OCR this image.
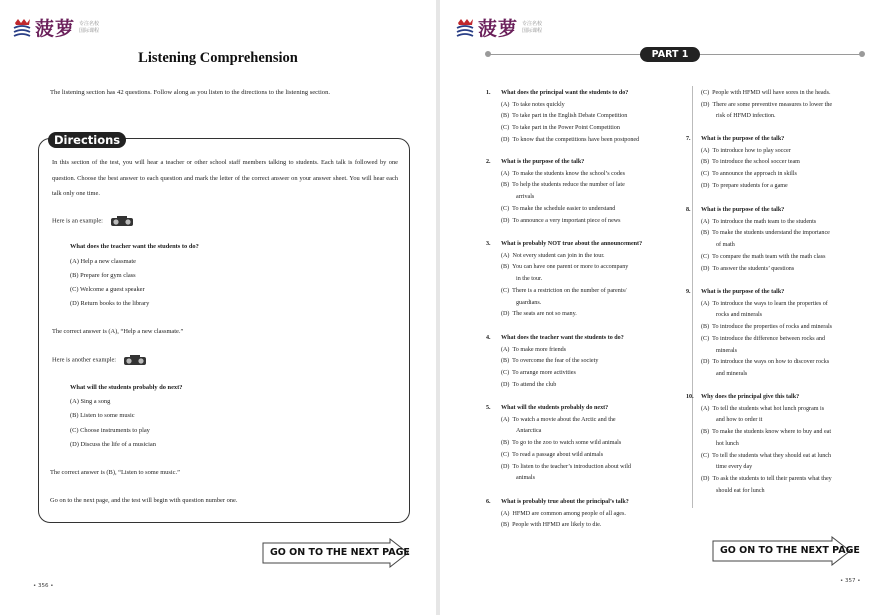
菠萝 专注名校
国际课程
Listening Comprehension
The listening section has 42 questions. Follow along as you listen to the directions to the listening section.
Directions
In this section of the test, you will hear a teacher or other school staff members talking to students. Each talk is followed by one question. Choose the best answer to each question and mark the letter of the correct answer on your answer sheet. You will hear each talk only one time.
Here is an example:
What does the teacher want the students to do?
(A) Help a new classmate
(B) Prepare for gym class
(C) Welcome a guest speaker
(D) Return books to the library
The correct answer is (A), “Help a new classmate.”
Here is another example:
What will the students probably do next?
(A) Sing a song
(B) Listen to some music
(C) Choose instruments to play
(D) Discuss the life of a musician
The correct answer is (B), “Listen to some music.”
Go on to the next page, and the test will begin with question number one.
GO ON TO THE NEXT PAGE
• 356 •
菠萝 专注名校
国际课程
PART 1
1. What does the principal want the students to do?
(A)  To take notes quickly
(B)  To take part in the English Debate Competition
(C)  To take part in the Power Point Competition
(D)  To know that the competitions have been postponed
2. What is the purpose of the talk?
(A)  To make the students know the school’s codes
(B)  To help the students reduce the number of late
arrivals
(C)  To make the schedule easier to understand
(D)  To announce a very important piece of news
3. What is probably NOT true about the announcement?
(A)  Not every student can join in the tour.
(B)  You can have one parent or more to accompany
in the tour.
(C)  There is a restriction on the number of parents/
guardians.
(D)  The seats are not so many.
4. What does the teacher want the students to do?
(A)  To make more friends
(B)  To overcome the fear of the society
(C)  To arrange more activities
(D)  To attend the club
5. What will the students probably do next?
(A)  To watch a movie about the Arctic and the
Antarctica
(B)  To go to the zoo to watch some wild animals
(C)  To read a passage about wild animals
(D)  To listen to the teacher’s introduction about wild
animals
6. What is probably true about the principal’s talk?
(A)  HFMD are common among people of all ages.
(B)  People with HFMD are likely to die.
7. What is the purpose of the talk?
(A)  To introduce how to play soccer
(B)  To introduce the school soccer team
(C)  To announce the approach in skills
(D)  To prepare students for a game
8. What is the purpose of the talk?
(A)  To introduce the math team to the students
(B)  To make the students understand the importance
of math
(C)  To compare the math team with the math class
(D)  To answer the students’ questions
9. What is the purpose of the talk?
(A)  To introduce the ways to learn the properties of
rocks and minerals
(B)  To introduce the properties of rocks and minerals
(C)  To introduce the difference between rocks and
minerals
(D)  To introduce the ways on how to discover rocks
and minerals
10. Why does the principal give this talk?
(A)  To tell the students what hot lunch program is
and how to order it
(B)  To make the students know where to buy and eat
hot lunch
(C)  To tell the students what they should eat at lunch
time every day
(D)  To ask the students to tell their parents what they
should eat for lunch
(C)  People with HFMD will have sores in the heads.
(D)  There are some preventive measures to lower the
risk of HFMD infection.
GO ON TO THE NEXT PAGE
• 357 •
